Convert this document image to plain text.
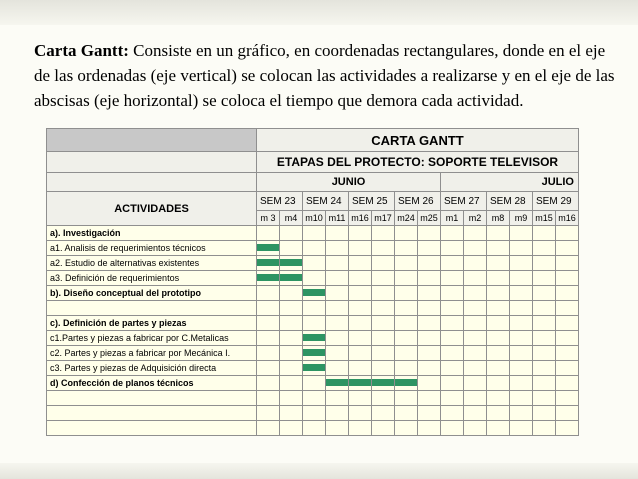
Carta Gantt: Consiste en un gráfico, en coordenadas rectangulares, donde en el eje de las ordenadas (eje vertical) se colocan las actividades a realizarse y en el eje de las abscisas (eje horizontal) se coloca el tiempo que demora cada actividad.
	CARTA GANTT													
	ETAPAS DEL PROTECTO: SOPORTE TELEVISOR													
	JUNIO								JULIO					
ACTIVIDADES	SEM 23		SEM 24		SEM 25		SEM 26		SEM 27		SEM 28		SEM 29	
	m 3	m4	m10	m11	m16	m17	m24	m25	m1	m2	m8	m9	m15	m16
a). Investigación														
a1. Analisis de requerimientos técnicos	

a2. Estudio de alternativas existentes	

a3. Definición de requerimientos	

b). Diseño conceptual del prototipo			

c). Definición de partes y piezas														
c1.Partes y piezas a fabricar por C.Metalicas			

c2. Partes y piezas a fabricar por Mecánica I.			

c3. Partes y piezas de Adquisición directa			

d) Confección de planos técnicos				
